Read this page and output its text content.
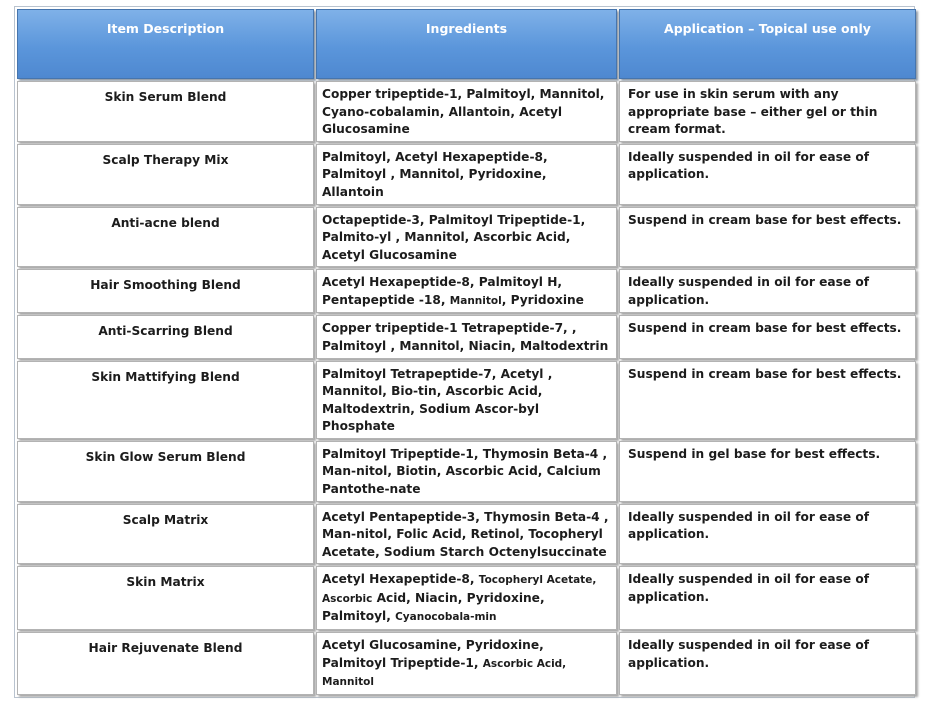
Item Description	Ingredients	Application – Topical use only
Skin Serum Blend	Copper tripeptide-1, Palmitoyl, Mannitol, Cyano-cobalamin, Allantoin, Acetyl Glucosamine	For use in skin serum with any appropriate base – either gel or thin cream format.
Scalp Therapy Mix	Palmitoyl, Acetyl Hexapeptide-8, Palmitoyl , Mannitol, Pyridoxine, Allantoin	Ideally suspended in oil for ease of application.
Anti-acne blend	Octapeptide-3, Palmitoyl Tripeptide-1, Palmito-yl , Mannitol, Ascorbic Acid, Acetyl Glucosamine	Suspend in cream base for best effects.
Hair Smoothing Blend	Acetyl Hexapeptide-8, Palmitoyl H, Pentapeptide -18, Mannitol, Pyridoxine	Ideally suspended in oil for ease of application.
Anti-Scarring Blend	Copper tripeptide-1 Tetrapeptide-7, , Palmitoyl , Mannitol, Niacin, Maltodextrin	Suspend in cream base for best effects.
Skin Mattifying Blend	Palmitoyl Tetrapeptide-7, Acetyl , Mannitol, Bio-tin, Ascorbic Acid, Maltodextrin, Sodium Ascor-byl Phosphate	Suspend in cream base for best effects.
Skin Glow Serum Blend	Palmitoyl Tripeptide-1, Thymosin Beta-4 , Man-nitol, Biotin, Ascorbic Acid, Calcium Pantothe-nate	Suspend in gel base for best effects.
Scalp Matrix	Acetyl Pentapeptide-3, Thymosin Beta-4 , Man-nitol, Folic Acid, Retinol, Tocopheryl Acetate, Sodium Starch Octenylsuccinate	Ideally suspended in oil for ease of application.
Skin Matrix	Acetyl Hexapeptide-8, Tocopheryl Acetate, Ascorbic Acid, Niacin, Pyridoxine, Palmitoyl, Cyanocobala-min	Ideally suspended in oil for ease of application.
Hair Rejuvenate Blend	Acetyl Glucosamine, Pyridoxine, Palmitoyl Tripeptide-1, Ascorbic Acid, Mannitol	Ideally suspended in oil for ease of application.
